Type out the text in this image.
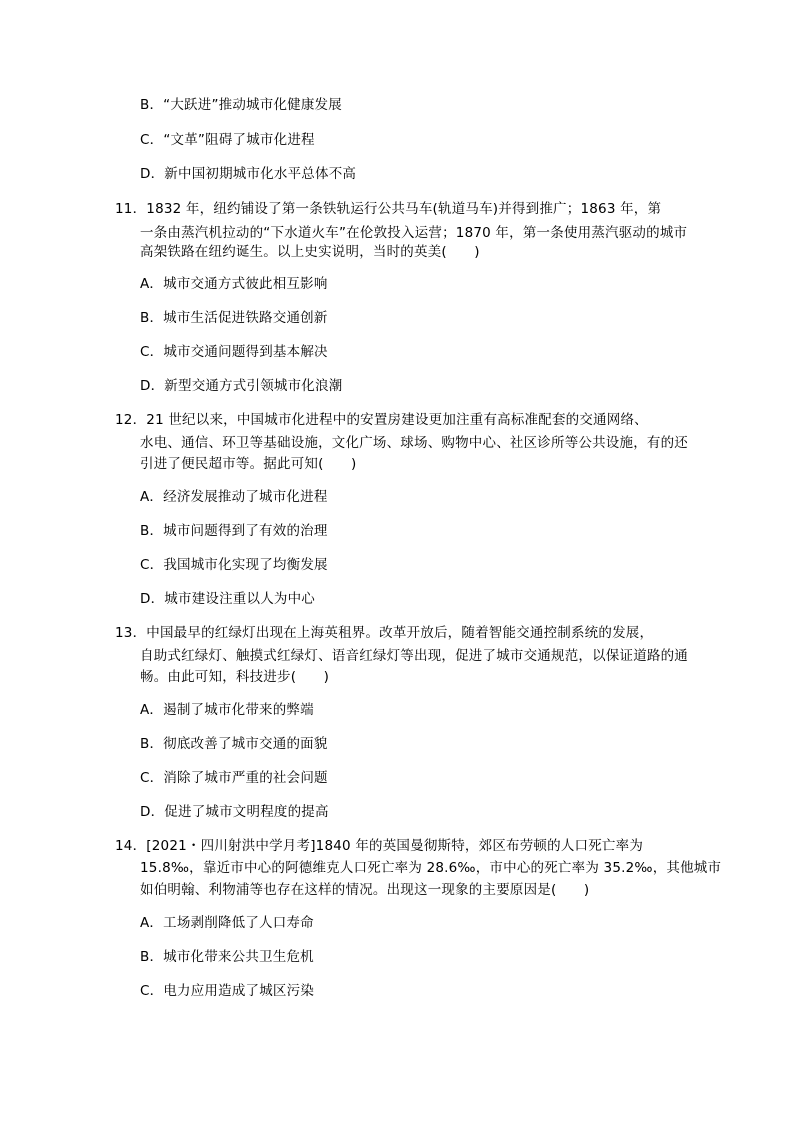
B．“大跃进”推动城市化健康发展
C．“文革”阻碍了城市化进程
D．新中国初期城市化水平总体不高
11．1832 年，纽约铺设了第一条铁轨运行公共马车(轨道马车)并得到推广；1863 年，第
一条由蒸汽机拉动的“下水道火车”在伦敦投入运营；1870 年，第一条使用蒸汽驱动的城市
高架铁路在纽约诞生。以上史实说明，当时的英美(　　)
A．城市交通方式彼此相互影响
B．城市生活促进铁路交通创新
C．城市交通问题得到基本解决
D．新型交通方式引领城市化浪潮
12．21 世纪以来，中国城市化进程中的安置房建设更加注重有高标准配套的交通网络、
水电、通信、环卫等基础设施，文化广场、球场、购物中心、社区诊所等公共设施，有的还
引进了便民超市等。据此可知(　　)
A．经济发展推动了城市化进程
B．城市问题得到了有效的治理
C．我国城市化实现了均衡发展
D．城市建设注重以人为中心
13．中国最早的红绿灯出现在上海英租界。改革开放后，随着智能交通控制系统的发展，
自助式红绿灯、触摸式红绿灯、语音红绿灯等出现，促进了城市交通规范，以保证道路的通
畅。由此可知，科技进步(　　)
A．遏制了城市化带来的弊端
B．彻底改善了城市交通的面貌
C．消除了城市严重的社会问题
D．促进了城市文明程度的提高
14．[2021・四川射洪中学月考]1840 年的英国曼彻斯特，郊区布劳顿的人口死亡率为
15.8‰，靠近市中心的阿德维克人口死亡率为 28.6‰，市中心的死亡率为 35.2‰，其他城市
如伯明翰、利物浦等也存在这样的情况。出现这一现象的主要原因是(　　)
A．工场剥削降低了人口寿命
B．城市化带来公共卫生危机
C．电力应用造成了城区污染
